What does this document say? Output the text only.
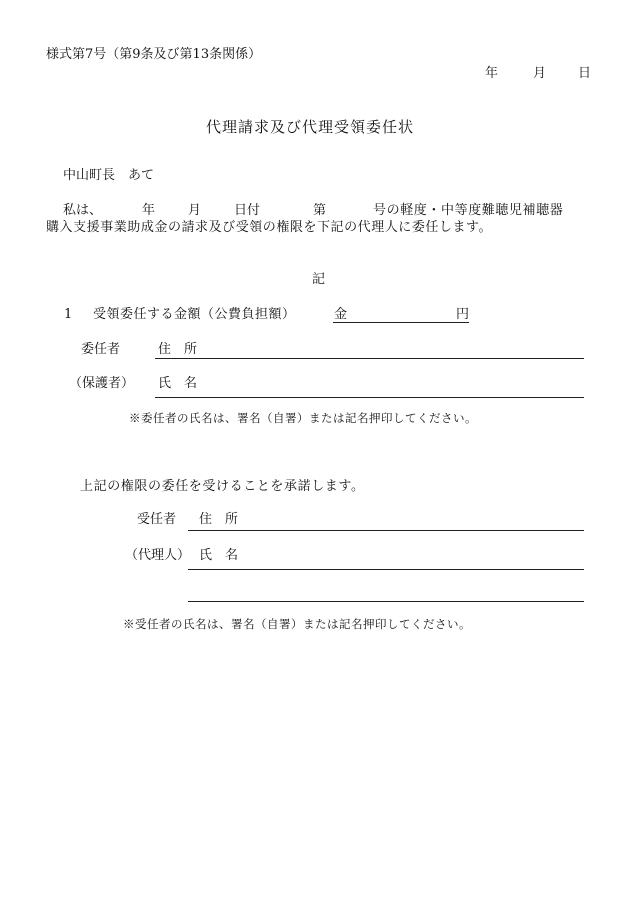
様式第7号（第9条及び第13条関係）
年	月 日
代理請求及び代理受領委任状
中山町長　あて
私は、	年	月	日付	第	号の軽度・中等度難聴児補聴器
購入支援事業助成金の請求及び受領の権限を下記の代理人に委任します。
記
1 受領委任する金額（公費負担額）	金	円
委任者	住　所
（保護者） 氏　名
※委任者の氏名は、署名（自署）または記名押印してください。
上記の権限の委任を受けることを承諾します。
受任者 住　所
（代理人） 氏　名
※受任者の氏名は、署名（自署）または記名押印してください。
